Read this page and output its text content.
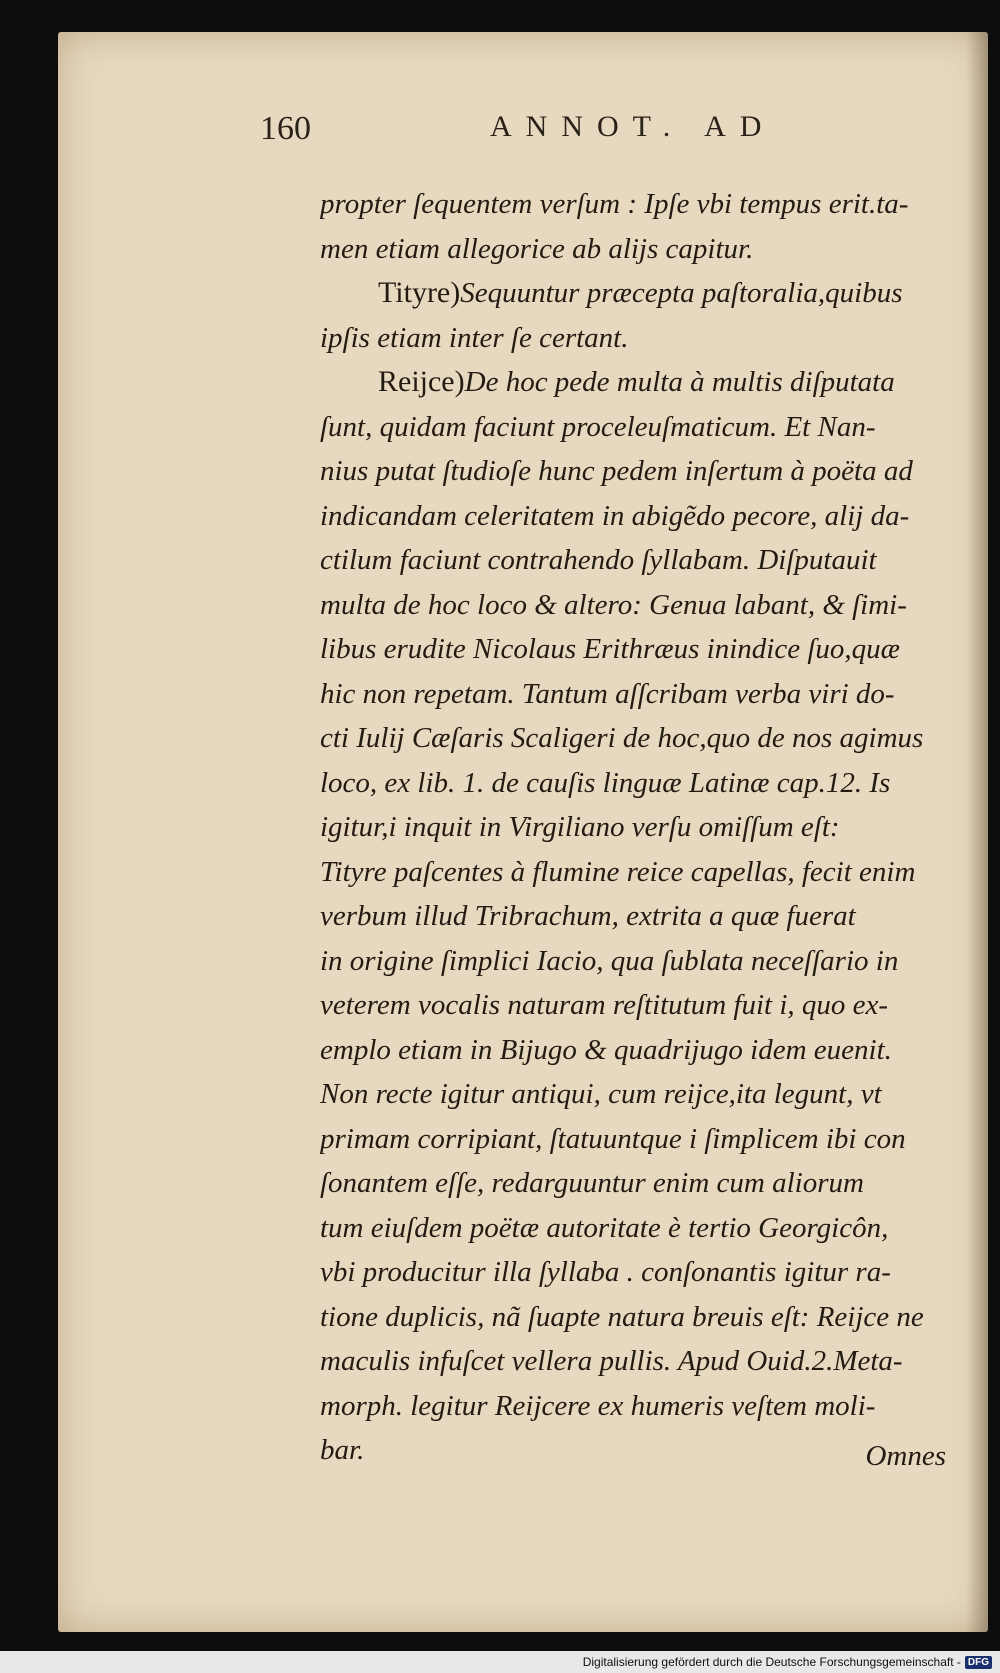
160	ANNOT. AD
propter ſequentem verſum : Ipſe vbi tempus erit.ta-
men etiam allegorice ab aliјs capitur.
Tityre)Sequuntur præcepta paſtoralia,quibus
ipſis etiam inter ſe certant.
Reijce)De hoc pede multa à multis diſputata
ſunt, quidam faciunt proceleuſmaticum. Et Nan-
nius putat ſtudioſe hunc pedem inſertum à poëta ad
indicandam celeritatem in abigẽdo pecore, alij da-
ctilum faciunt contrahendo ſyllabam. Diſputauit
multa de hoc loco & altero: Genua labant, & ſimi-
libus erudite Nicolaus Erithræus inindice ſuo,quæ
hic non repetam. Tantum aſſcribam verba viri do-
cti Iulij Cæſaris Scaligeri de hoc,quo de nos agimus
loco, ex lib. 1. de cauſis linguæ Latinæ cap.12. Is
igitur,i inquit in Virgiliano verſu omiſſum eſt:
Tityre paſcentes à flumine reice capellas, fecit enim
verbum illud Tribrachum, extrita a quæ fuerat
in origine ſimplici Iacio, qua ſublata neceſſario in
veterem vocalis naturam reſtitutum fuit i, quo ex-
emplo etiam in Bijugo & quadrijugo idem euenit.
Non recte igitur antiqui, cum reijce,ita legunt, vt
primam corripiant, ſtatuuntque i ſimplicem ibi con
ſonantem eſſe, redarguuntur enim cum aliorum
tum eiuſdem poëtæ autoritate è tertio Georgicôn,
vbi producitur illa ſyllaba . conſonantis igitur ra-
tione duplicis, nã ſuapte natura breuis eſt: Reijce ne
maculis infuſcet vellera pullis. Apud Ouid.2.Meta-
morph. legitur Reijcere ex humeris veſtem moli-
bar.	Omnes
Digitalisierung gefördert durch die Deutsche Forschungsgemeinschaft - DFG
